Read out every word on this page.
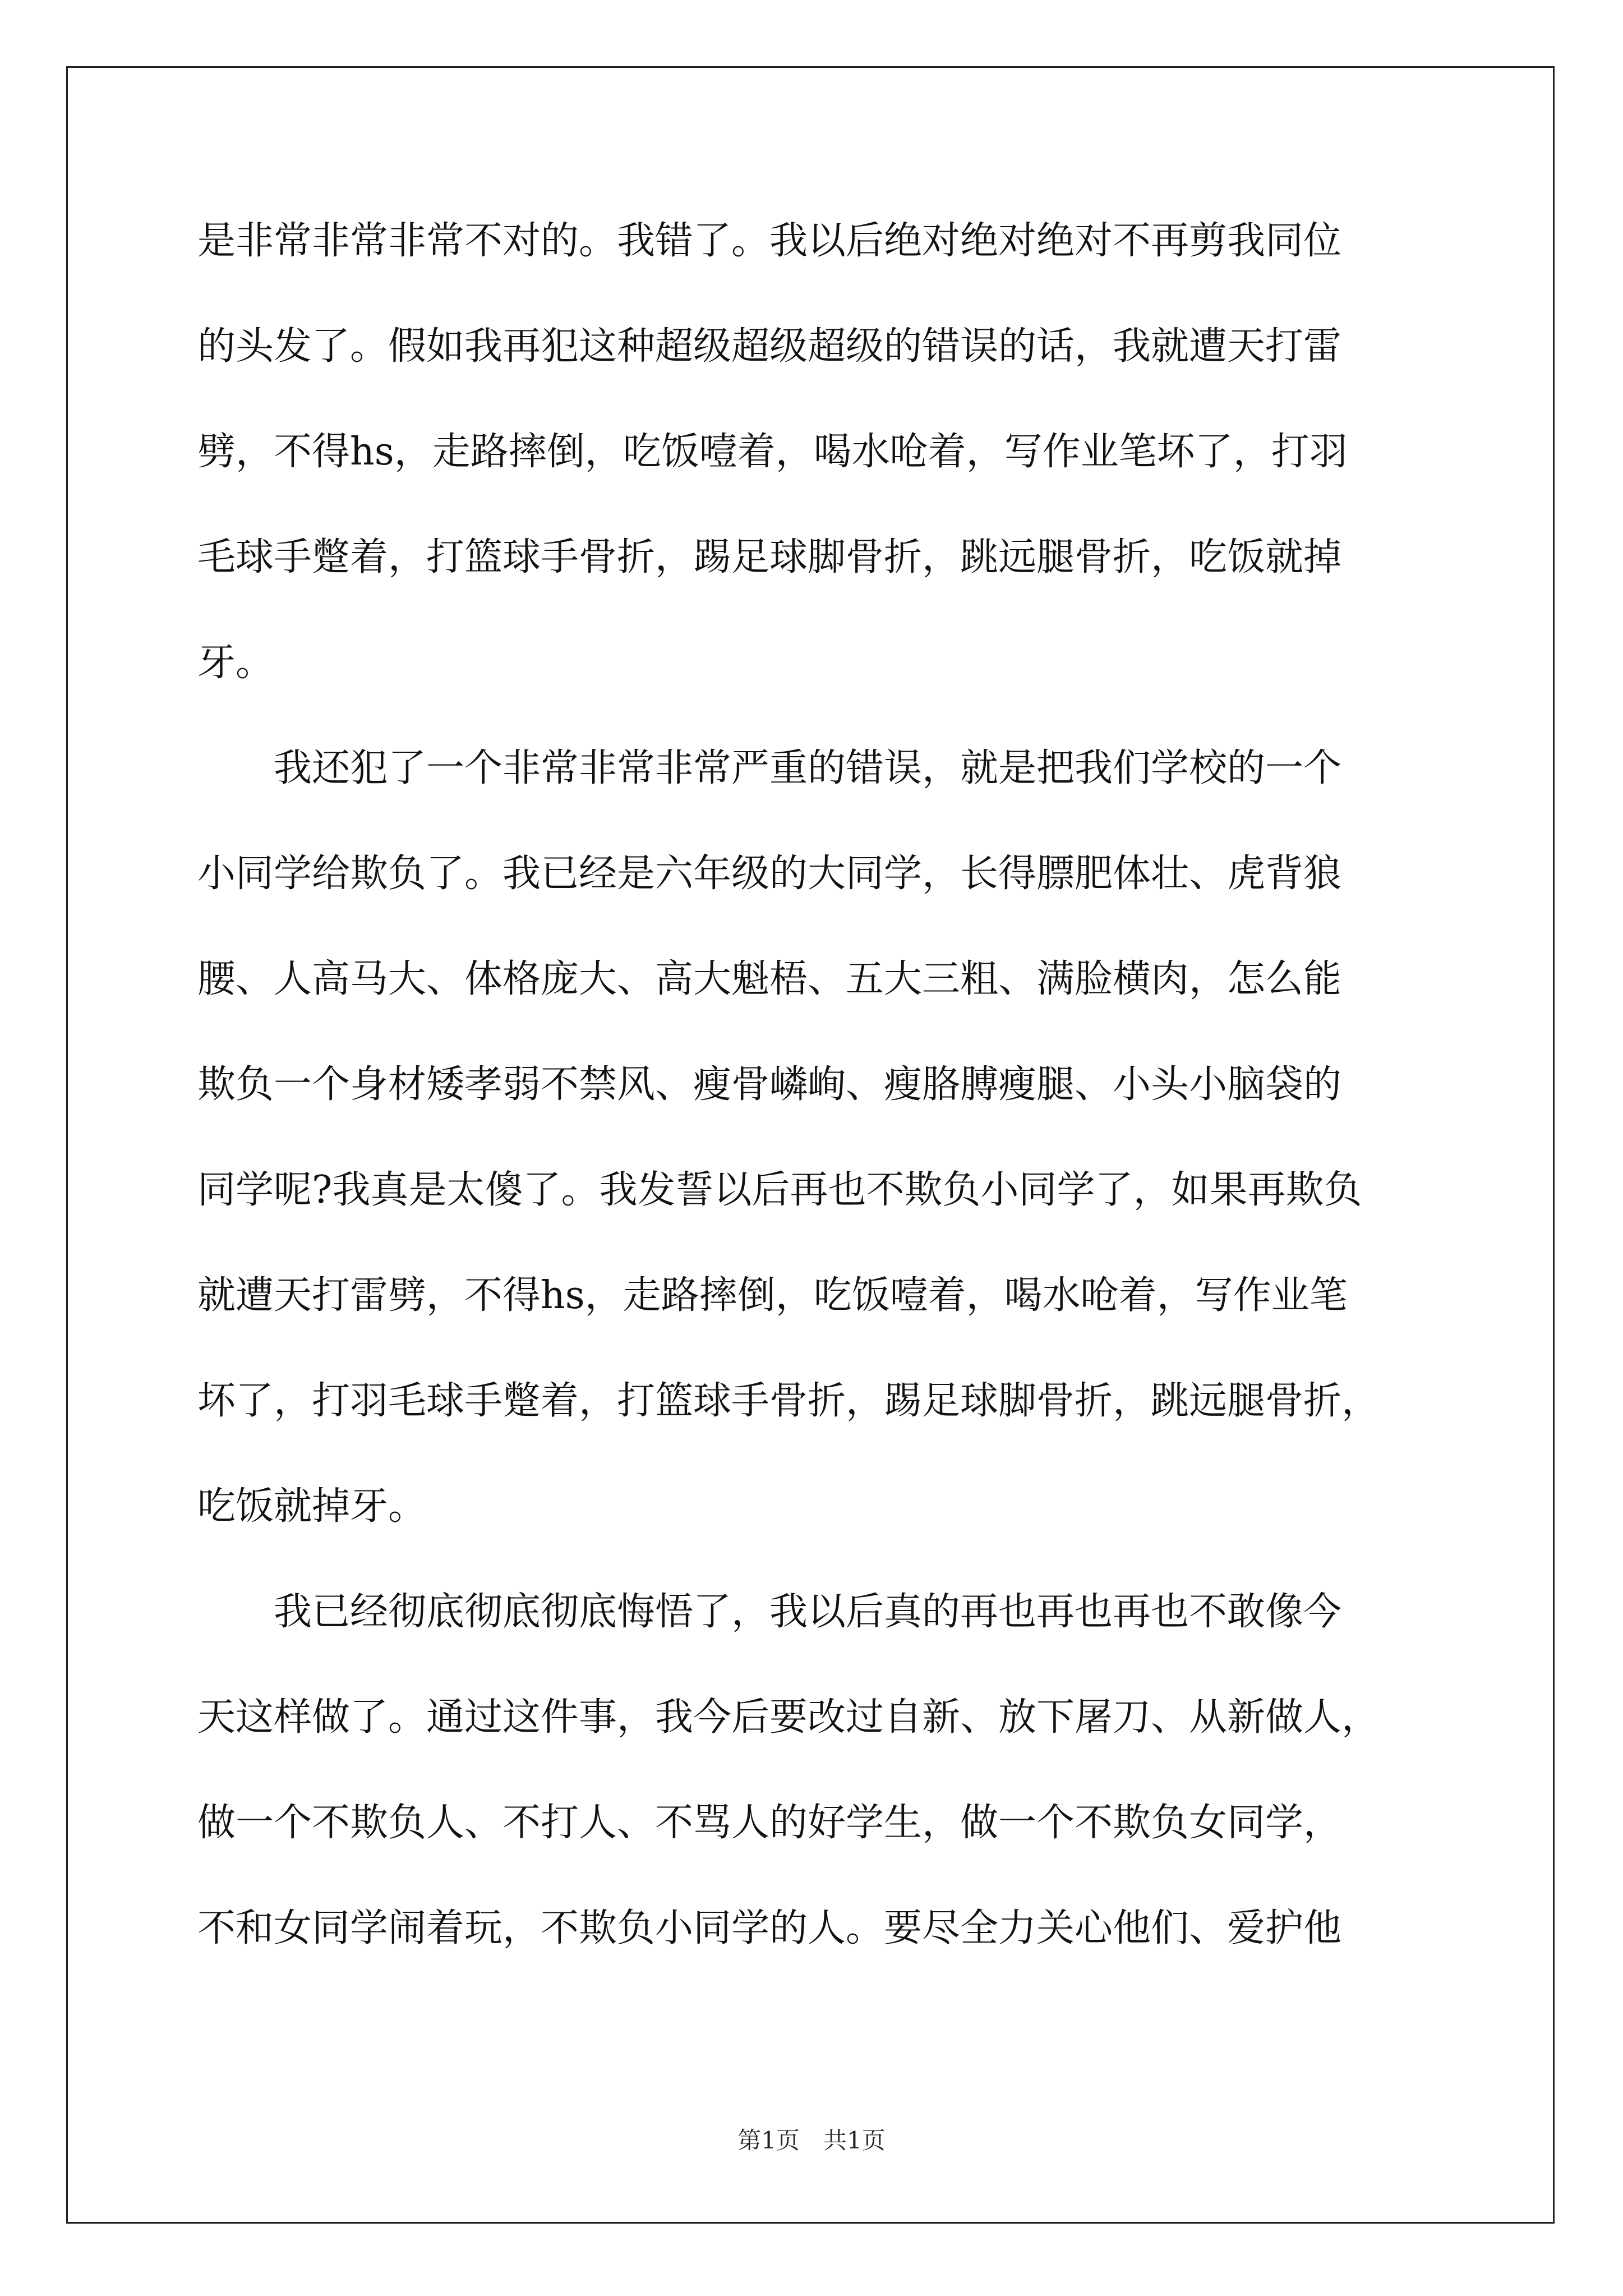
是非常非常非常不对的。我错了。我以后绝对绝对绝对不再剪我同位
的头发了。假如我再犯这种超级超级超级的错误的话，我就遭天打雷
劈，不得hs，走路摔倒，吃饭噎着，喝水呛着，写作业笔坏了，打羽
毛球手蹩着，打篮球手骨折，踢足球脚骨折，跳远腿骨折，吃饭就掉
牙。
我还犯了一个非常非常非常严重的错误，就是把我们学校的一个
小同学给欺负了。我已经是六年级的大同学，长得膘肥体壮、虎背狼
腰、人高马大、体格庞大、高大魁梧、五大三粗、满脸横肉，怎么能
欺负一个身材矮孝弱不禁风、瘦骨嶙峋、瘦胳膊瘦腿、小头小脑袋的
同学呢?我真是太傻了。我发誓以后再也不欺负小同学了，如果再欺负
就遭天打雷劈，不得hs，走路摔倒，吃饭噎着，喝水呛着，写作业笔
坏了，打羽毛球手蹩着，打篮球手骨折，踢足球脚骨折，跳远腿骨折，
吃饭就掉牙。
我已经彻底彻底彻底悔悟了，我以后真的再也再也再也不敢像今
天这样做了。通过这件事，我今后要改过自新、放下屠刀、从新做人，
做一个不欺负人、不打人、不骂人的好学生，做一个不欺负女同学，
不和女同学闹着玩，不欺负小同学的人。要尽全力关心他们、爱护他
第1页　共1页
